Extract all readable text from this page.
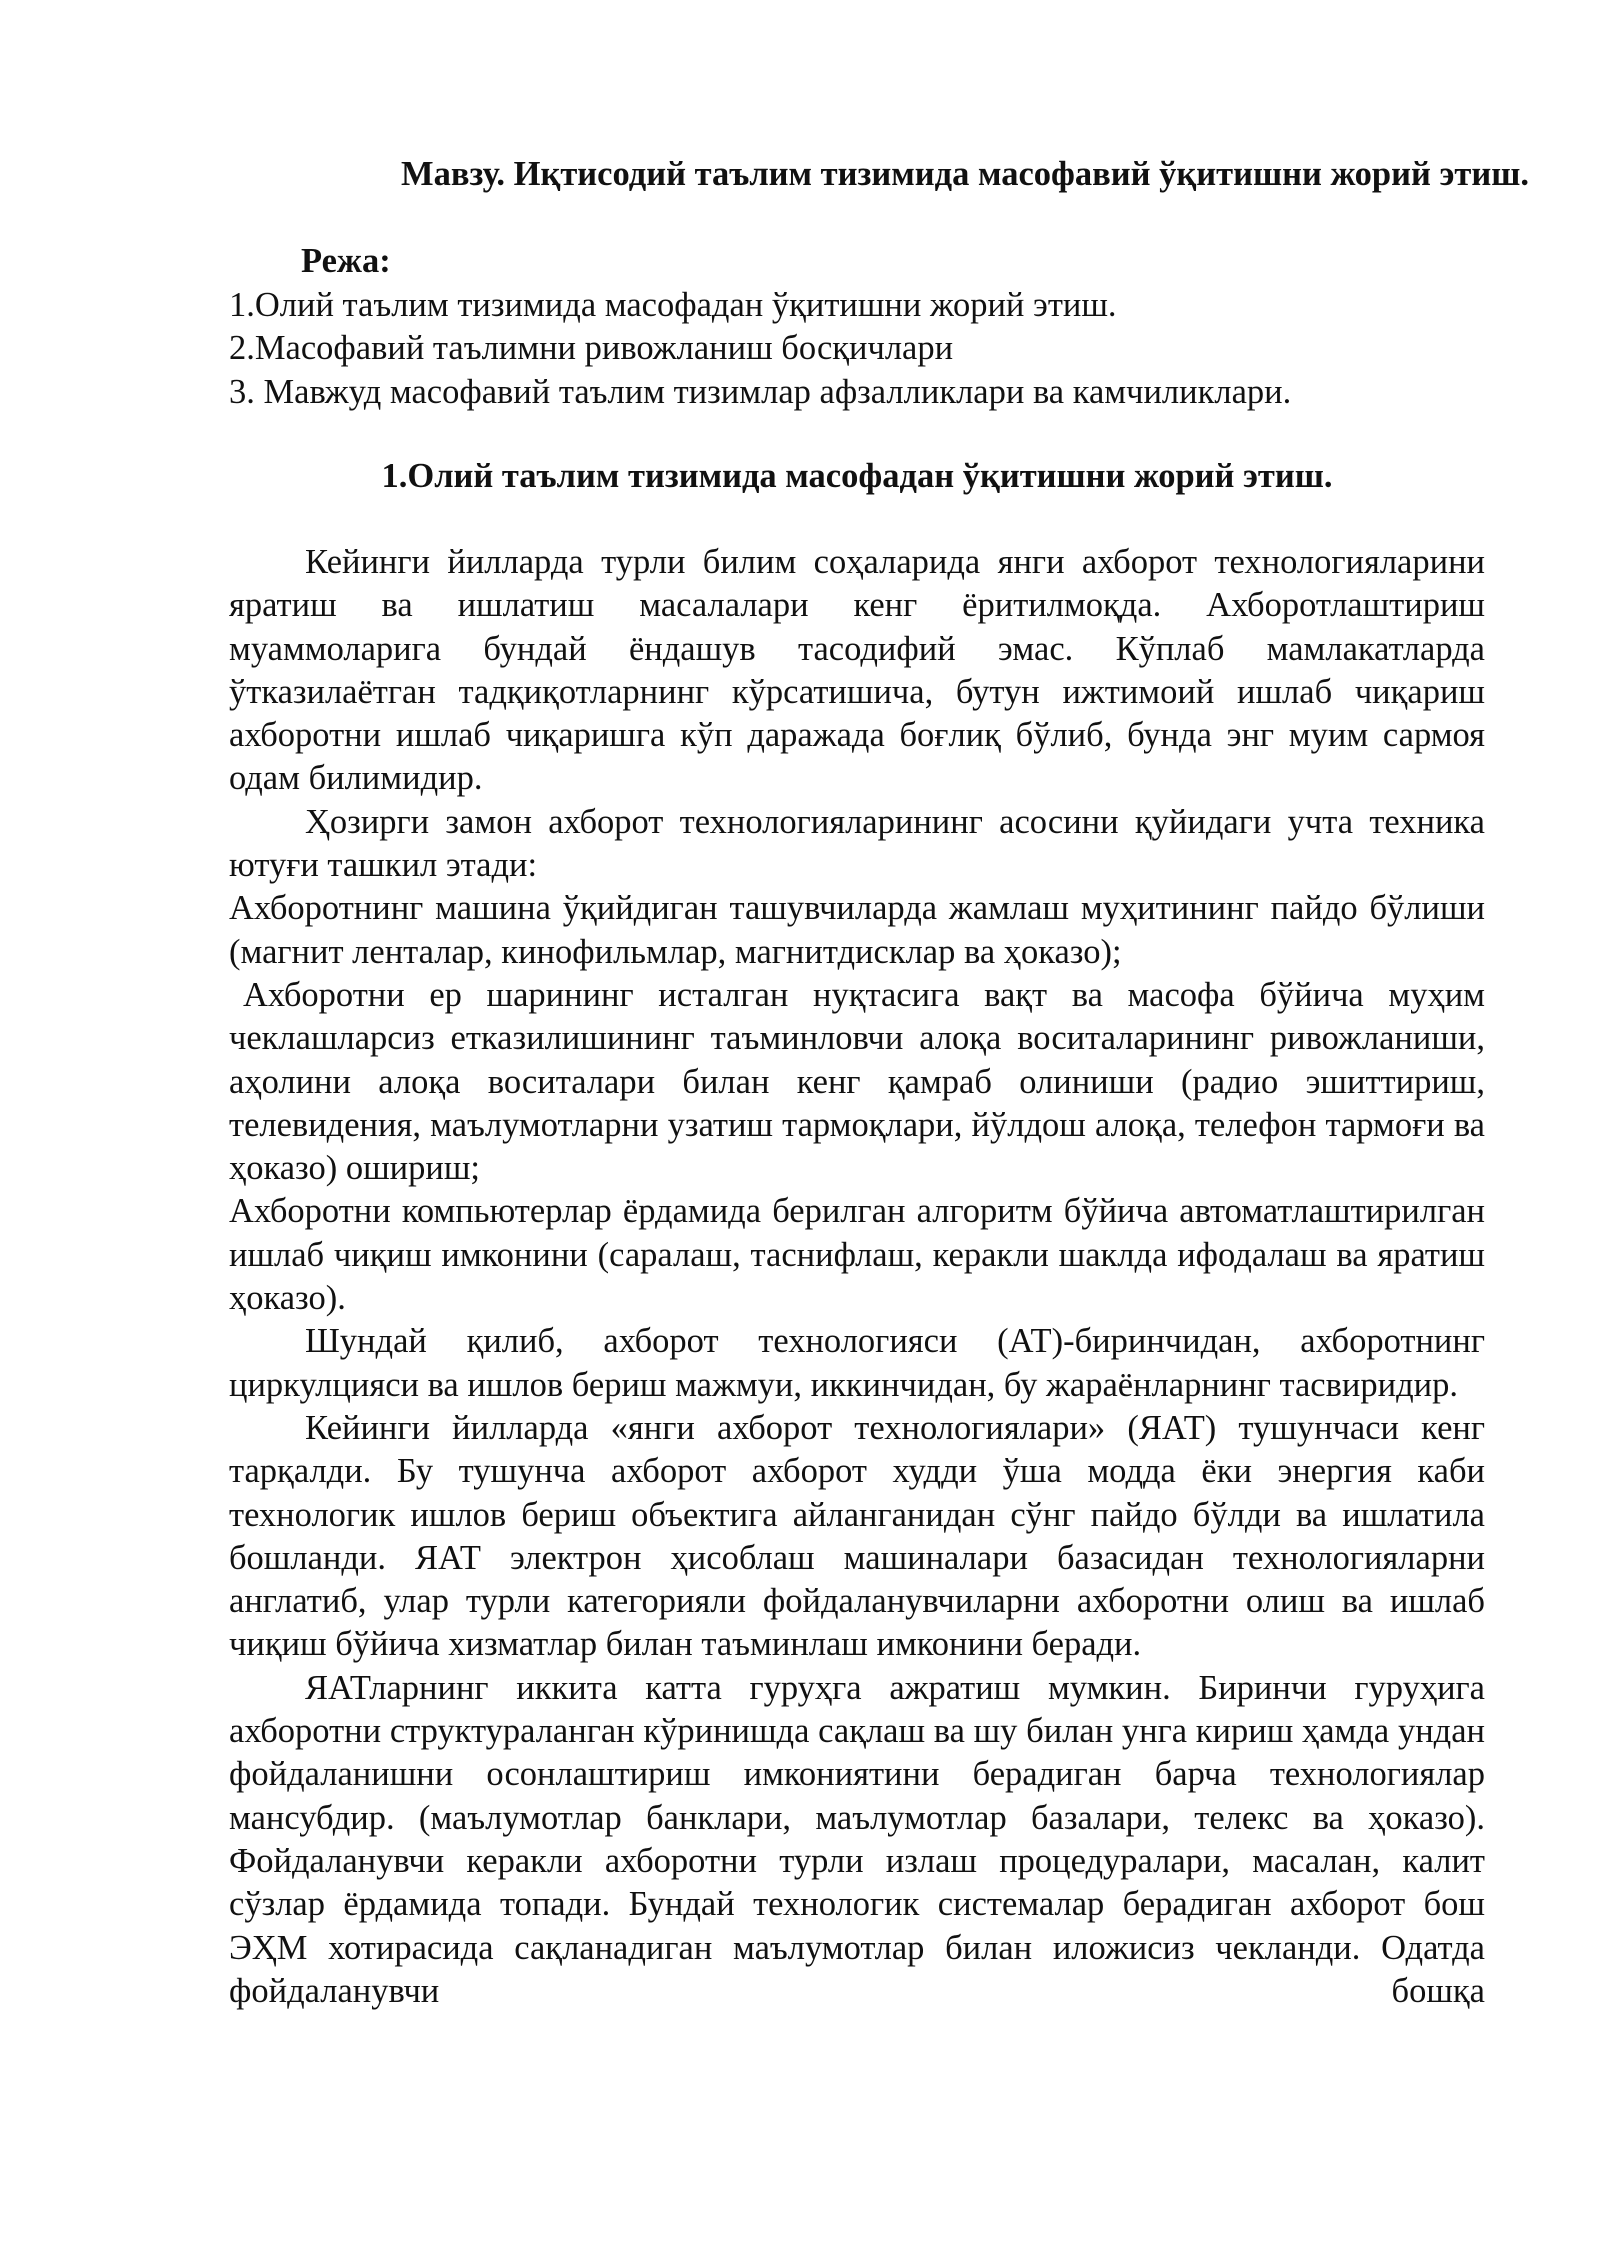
Мавзу. Иқтисодий таълим тизимида масофавий ўқитишни жорий этиш.
Режа:
1.Олий таълим тизимида масофадан ўқитишни жорий этиш.
2.Масофавий таълимни ривожланиш босқичлари
3. Мавжуд масофавий таълим тизимлар афзалликлари ва камчиликлари.
1.Олий таълим тизимида масофадан ўқитишни жорий этиш.

Кейинги йилларда турли билим соҳаларида янги ахборот технологияларини яратиш ва ишлатиш масалалари кенг ёритилмоқда. Ахборотлаштириш муаммоларига бундай ёндашув тасодифий эмас. Кўплаб мамлакатларда ўтказилаётган тадқиқотларнинг кўрсатишича, бутун ижтимоий ишлаб чиқариш ахборотни ишлаб чиқаришга кўп даражада боғлиқ бўлиб, бунда энг муим сармоя одам билимидир.

Ҳозирги замон ахборот технологияларининг асосини қуйидаги учта техника ютуғи ташкил этади:

Ахборотнинг машина ўқийдиган ташувчиларда жамлаш муҳитининг пайдо бўлиши (магнит ленталар, кинофильмлар, магнитдисклар ва ҳоказо);

Ахборотни ер шарининг исталган нуқтасига вақт ва масофа бўйича муҳим чеклашларсиз етказилишининг таъминловчи алоқа воситаларининг ривожланиши, аҳолини алоқа воситалари билан кенг қамраб олиниши (радио эшиттириш, телевидения, маълумотларни узатиш тармоқлари, йўлдош алоқа, телефон тармоғи ва ҳоказо) ошириш;

Ахборотни компьютерлар ёрдамида берилган алгоритм бўйича автоматлаштирилган ишлаб чиқиш имконини (саралаш, таснифлаш, керакли шаклда ифодалаш ва яратиш ҳоказо).

Шундай қилиб, ахборот технологияси (АТ)-биринчидан, ахборотнинг циркулцияси ва ишлов бериш мажмуи, иккинчидан, бу жараёнларнинг тасвиридир.

Кейинги йилларда «янги ахборот технологиялари» (ЯАТ) тушунчаси кенг тарқалди. Бу тушунча ахборот ахборот худди ўша модда ёки энергия каби технологик ишлов бериш объектига айланганидан сўнг пайдо бўлди ва ишлатила бошланди. ЯАТ электрон ҳисоблаш машиналари базасидан технологияларни англатиб, улар турли категорияли фойдаланувчиларни ахборотни олиш ва ишлаб чиқиш бўйича хизматлар билан таъминлаш имконини беради.

ЯАТларнинг иккита катта гуруҳга ажратиш мумкин. Биринчи гуруҳига ахборотни структураланган кўринишда сақлаш ва шу билан унга кириш ҳамда ундан фойдаланишни осонлаштириш имкониятини берадиган барча технологиялар мансубдир. (маълумотлар банклари, маълумотлар базалари, телекс ва ҳоказо). Фойдаланувчи керакли ахборотни турли излаш процедуралари, масалан, калит сўзлар ёрдамида топади. Бундай технологик системалар берадиган ахборот бош ЭҲМ хотирасида сақланадиган маълумотлар билан иложисиз чекланди. Одатда фойдаланувчи бошқа
